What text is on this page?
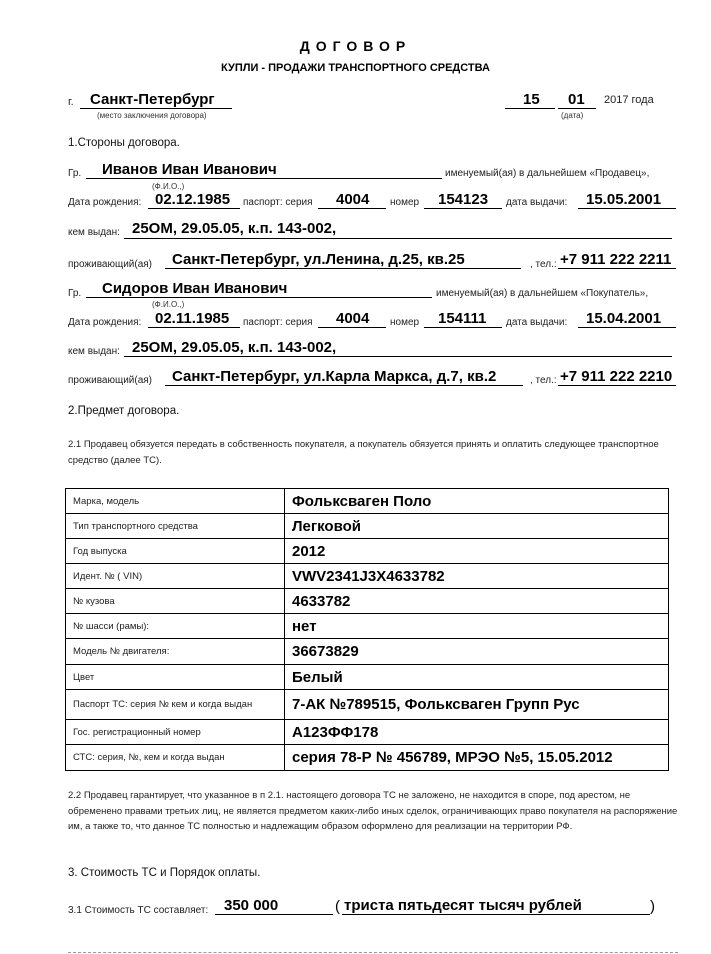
ДОГОВОР
КУПЛИ - ПРОДАЖИ ТРАНСПОРТНОГО СРЕДСТВА
г. Санкт-Петербург
(место заключения договора)
15 01 2017 года
(дата)
1.Стороны договора.
Гр. Иванов Иван Иванович	именуемый(ая) в дальнейшем «Продавец»,
(Ф.И.О.,)
Дата рождения: 02.12.1985 паспорт: серия 4004 номер 154123 дата выдачи: 15.05.2001
кем выдан: 25ОМ, 29.05.05, к.п. 143-002,
проживающий(ая) Санкт-Петербург, ул.Ленина, д.25, кв.25	, тел.: +7 911 222 2211
Гр. Сидоров Иван Иванович	именуемый(ая) в дальнейшем «Покупатель»,
(Ф.И.О.,)
Дата рождения: 02.11.1985 паспорт: серия 4004 номер 154111 дата выдачи: 15.04.2001
кем выдан: 25ОМ, 29.05.05, к.п. 143-002,
проживающий(ая) Санкт-Петербург, ул.Карла Маркса, д.7, кв.2	, тел.: +7 911 222 2210
2.Предмет договора.
2.1 Продавец обязуется передать в собственность покупателя, а покупатель обязуется принять и оплатить следующее транспортное средство (далее ТС).
Марка, модель	Фольксваген Поло
Тип транспортного средства	Легковой
Год выпуска	2012
Идент. № ( VIN)	VWV2341J3X4633782
№ кузова	4633782
№ шасси (рамы):	нет
Модель № двигателя:	36673829
Цвет	Белый
Паспорт ТС: серия № кем и когда выдан	7-АК №789515, Фольксваген Групп Рус
Гос. регистрационный номер	А123ФФ178
СТС: серия, №, кем и когда выдан	серия 78-Р № 456789, МРЭО №5, 15.05.2012
2.2 Продавец гарантирует, что указанное в п 2.1. настоящего договора ТС не заложено, не находится в споре, под арестом, не обременено правами третьих лиц, не является предметом каких-либо иных сделок, ограничивающих право покупателя на распоряжение им, а также то, что данное ТС полностью и надлежащим образом оформлено для реализации на территории РФ.
3. Стоимость ТС и Порядок оплаты.
3.1 Стоимость ТС составляет: 350 000	( триста пятьдесят тысяч рублей	)
